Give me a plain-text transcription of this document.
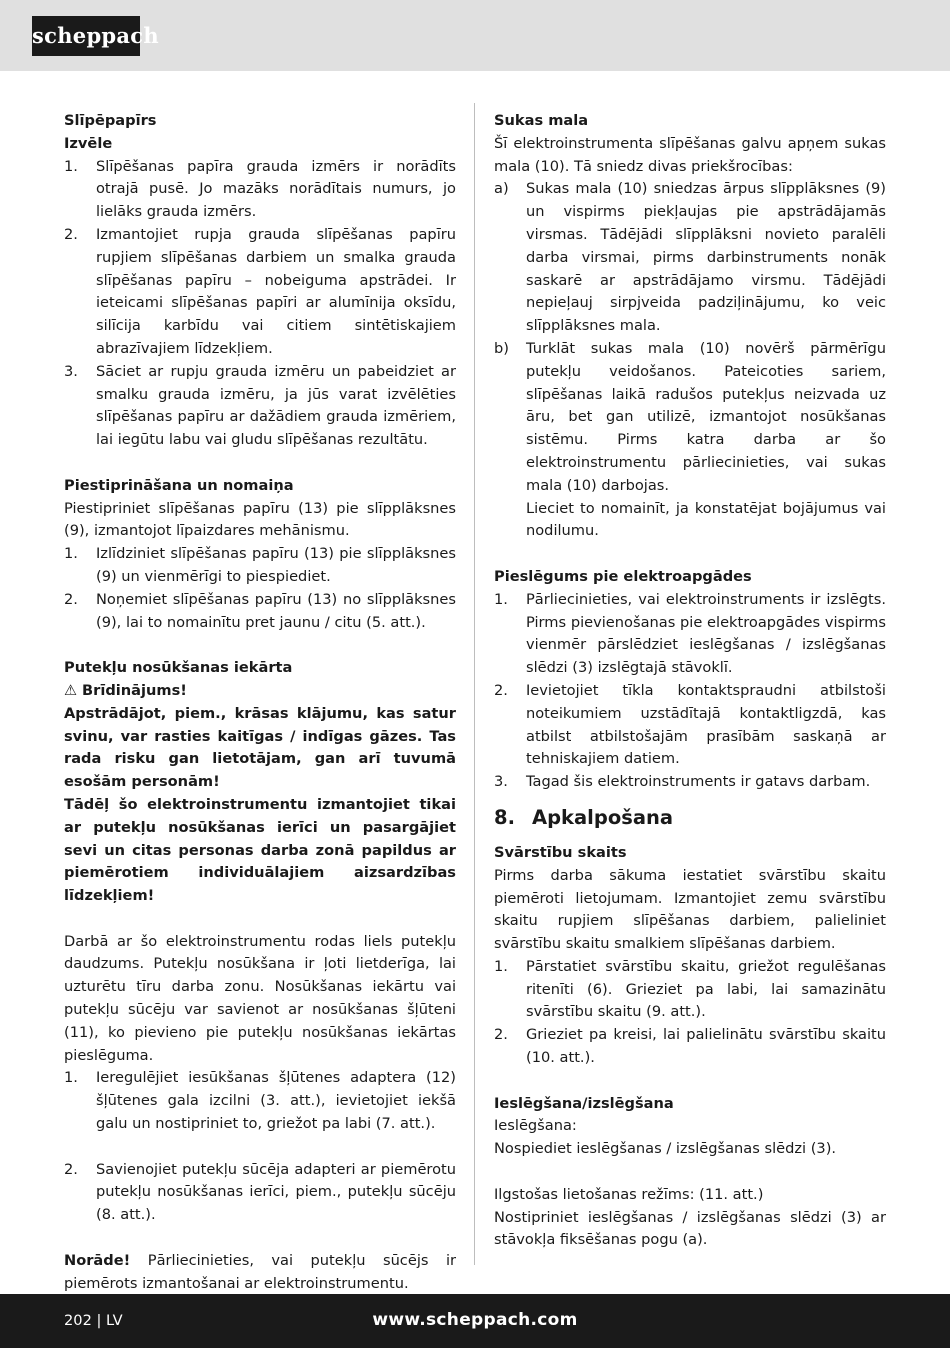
scheppach

Slīpēpapīrs

Izvēle

1. Slīpēšanas papīra grauda izmērs ir norādīts otrajā pusē. Jo mazāks norādītais numurs, jo lielāks grauda izmērs.
2. Izmantojiet rupja grauda slīpēšanas papīru rupjiem slīpēšanas darbiem un smalka grauda slīpēšanas papīru – nobeiguma apstrādei. Ir ieteicami slīpēšanas papīri ar alumīnija oksīdu, silīcija karbīdu vai citiem sintētiskajiem abrazīvajiem līdzekļiem.
3. Sāciet ar rupju grauda izmēru un pabeidziet ar smalku grauda izmēru, ja jūs varat izvēlēties slīpēšanas papīru ar dažādiem grauda izmēriem, lai iegūtu labu vai gludu slīpēšanas rezultātu.

Piestiprināšana un nomaiņa

Piestipriniet slīpēšanas papīru (13) pie slīpplāksnes (9), izmantojot līpaizdares mehānismu.

1. Izlīdziniet slīpēšanas papīru (13) pie slīpplāksnes (9) un vienmērīgi to piespiediet.
2. Noņemiet slīpēšanas papīru (13) no slīpplāksnes (9), lai to nomainītu pret jaunu / citu (5. att.).

Putekļu nosūkšanas iekārta

⚠ Brīdinājums!

Apstrādājot, piem., krāsas klājumu, kas satur svinu, var rasties kaitīgas / indīgas gāzes. Tas rada risku gan lietotājam, gan arī tuvumā esošām personām!

Tādēļ šo elektroinstrumentu izmantojiet tikai ar putekļu nosūkšanas ierīci un pasargājiet sevi un citas personas darba zonā papildus ar piemērotiem individuālajiem aizsardzības līdzekļiem!

Darbā ar šo elektroinstrumentu rodas liels putekļu daudzums. Putekļu nosūkšana ir ļoti lietderīga, lai uzturētu tīru darba zonu. Nosūkšanas iekārtu vai putekļu sūcēju var savienot ar nosūkšanas šļūteni (11), ko pievieno pie putekļu nosūkšanas iekārtas pieslēguma.

1. Ieregulējiet iesūkšanas šļūtenes adaptera (12) šļūtenes gala izcilni (3. att.), ievietojiet iekšā galu un nostipriniet to, griežot pa labi (7. att.).
2. Savienojiet putekļu sūcēja adapteri ar piemērotu putekļu nosūkšanas ierīci, piem., putekļu sūcēju (8. att.).

Norāde! Pārliecinieties, vai putekļu sūcējs ir piemērots izmantošanai ar elektroinstrumentu.

Sukas mala

Šī elektroinstrumenta slīpēšanas galvu apņem sukas mala (10). Tā sniedz divas priekšrocības:

a) Sukas mala (10) sniedzas ārpus slīpplāksnes (9) un vispirms piekļaujas pie apstrādājamās virsmas. Tādējādi slīpplāksni novieto paralēli darba virsmai, pirms darbinstruments nonāk saskarē ar apstrādājamo virsmu. Tādējādi nepieļauj sirpjveida padziļinājumu, ko veic slīpplāksnes mala.
b) Turklāt sukas mala (10) novērš pārmērīgu putekļu veidošanos. Pateicoties sariem, slīpēšanas laikā radušos putekļus neizvada uz āru, bet gan utilizē, izmantojot nosūkšanas sistēmu. Pirms katra darba ar šo elektroinstrumentu pārliecinieties, vai sukas mala (10) darbojas.
Lieciet to nomainīt, ja konstatējat bojājumus vai nodilumu.

Pieslēgums pie elektroapgādes

1. Pārliecinieties, vai elektroinstruments ir izslēgts. Pirms pievienošanas pie elektroapgādes vispirms vienmēr pārslēdziet ieslēgšanas / izslēgšanas slēdzi (3) izslēgtajā stāvoklī.
2. Ievietojiet tīkla kontaktspraudni atbilstoši noteikumiem uzstādītajā kontaktligzdā, kas atbilst atbilstošajām prasībām saskaņā ar tehniskajiem datiem.
3. Tagad šis elektroinstruments ir gatavs darbam.

8. Apkalpošana

Svārstību skaits

Pirms darba sākuma iestatiet svārstību skaitu piemēroti lietojumam. Izmantojiet zemu svārstību skaitu rupjiem slīpēšanas darbiem, palieliniet svārstību skaitu smalkiem slīpēšanas darbiem.

1. Pārstatiet svārstību skaitu, griežot regulēšanas ritenīti (6). Grieziet pa labi, lai samazinātu svārstību skaitu (9. att.).
2. Grieziet pa kreisi, lai palielinātu svārstību skaitu (10. att.).

Ieslēgšana/izslēgšana

Ieslēgšana:

Nospiediet ieslēgšanas / izslēgšanas slēdzi (3).

Ilgstošas lietošanas režīms: (11. att.)

Nostipriniet ieslēgšanas / izslēgšanas slēdzi (3) ar stāvokļa fiksēšanas pogu (a).

202 | LV	www.scheppach.com
